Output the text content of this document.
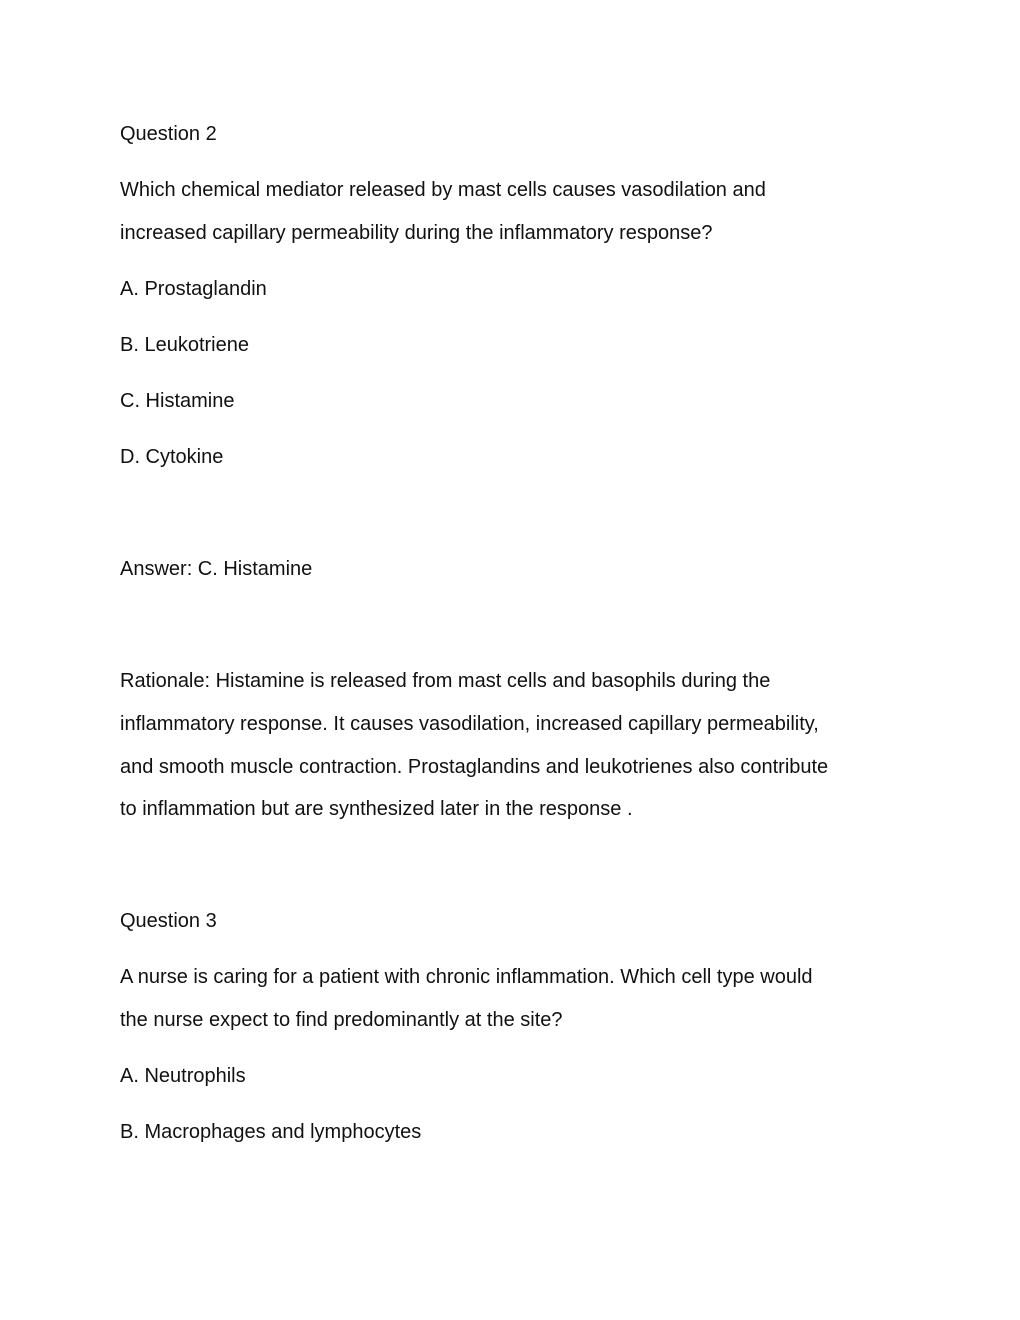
Question 2

Which chemical mediator released by mast cells causes vasodilation and

increased capillary permeability during the inflammatory response?

A. Prostaglandin

B. Leukotriene

C. Histamine

D. Cytokine

Answer: C. Histamine

Rationale: Histamine is released from mast cells and basophils during the

inflammatory response. It causes vasodilation, increased capillary permeability,

and smooth muscle contraction. Prostaglandins and leukotrienes also contribute

to inflammation but are synthesized later in the response .

Question 3

A nurse is caring for a patient with chronic inflammation. Which cell type would

the nurse expect to find predominantly at the site?

A. Neutrophils

B. Macrophages and lymphocytes
